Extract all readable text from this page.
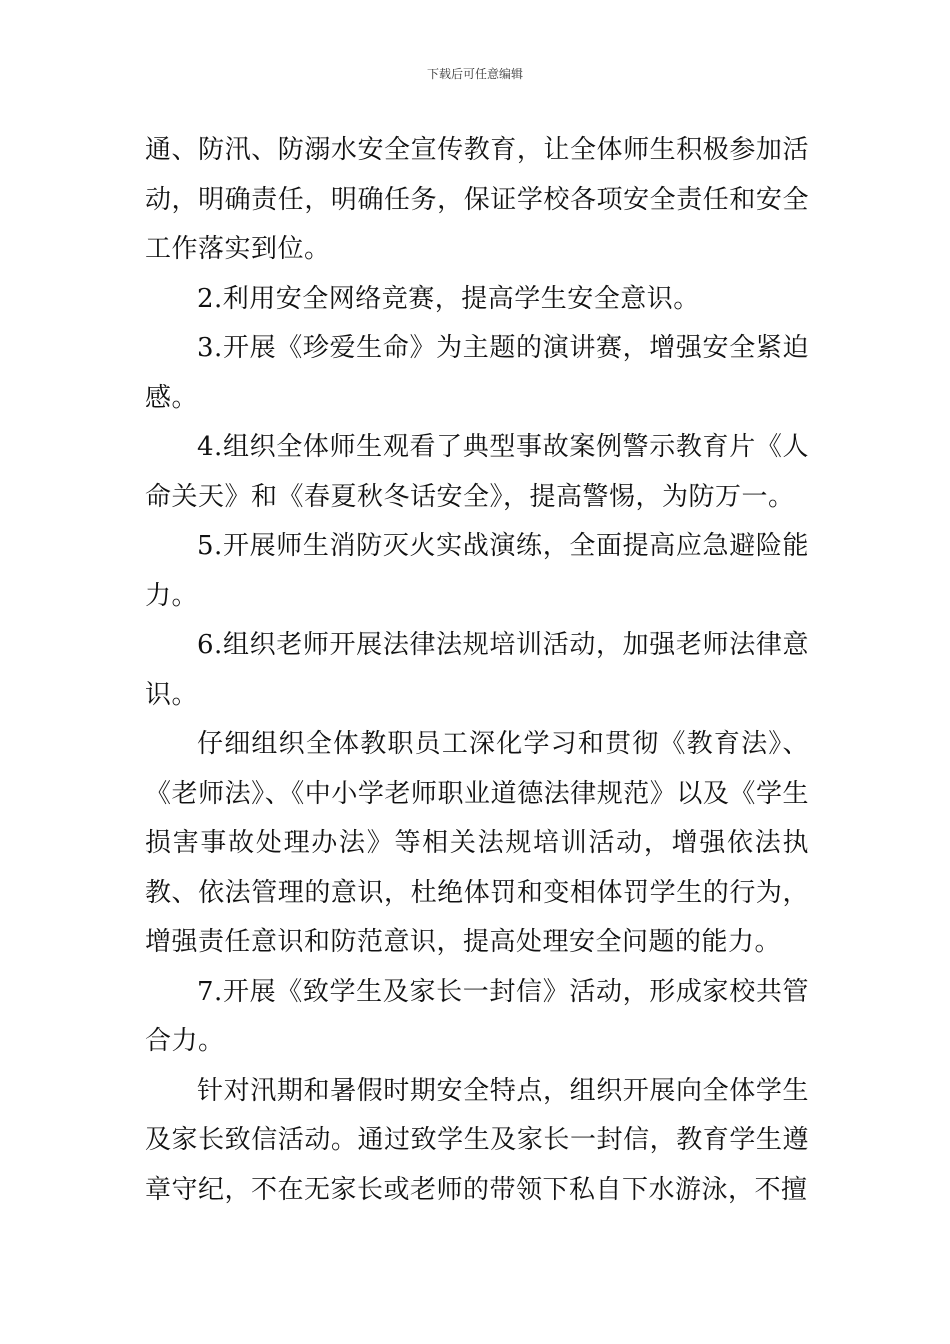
下载后可任意编辑

通、防汛、防溺水安全宣传教育，让全体师生积极参加活动，明确责任，明确任务，保证学校各项安全责任和安全工作落实到位。

2.利用安全网络竞赛，提高学生安全意识。

3.开展《珍爱生命》为主题的演讲赛，增强安全紧迫感。

4.组织全体师生观看了典型事故案例警示教育片《人命关天》和《春夏秋冬话安全》，提高警惕，为防万一。

5.开展师生消防灭火实战演练，全面提高应急避险能力。

6.组织老师开展法律法规培训活动，加强老师法律意识。

仔细组织全体教职员工深化学习和贯彻《教育法》、《老师法》、《中小学老师职业道德法律规范》以及《学生损害事故处理办法》等相关法规培训活动，增强依法执教、依法管理的意识，杜绝体罚和变相体罚学生的行为，增强责任意识和防范意识，提高处理安全问题的能力。

7.开展《致学生及家长一封信》活动，形成家校共管合力。

针对汛期和暑假时期安全特点，组织开展向全体学生及家长致信活动。通过致学生及家长一封信，教育学生遵章守纪，不在无家长或老师的带领下私自下水游泳，不擅
